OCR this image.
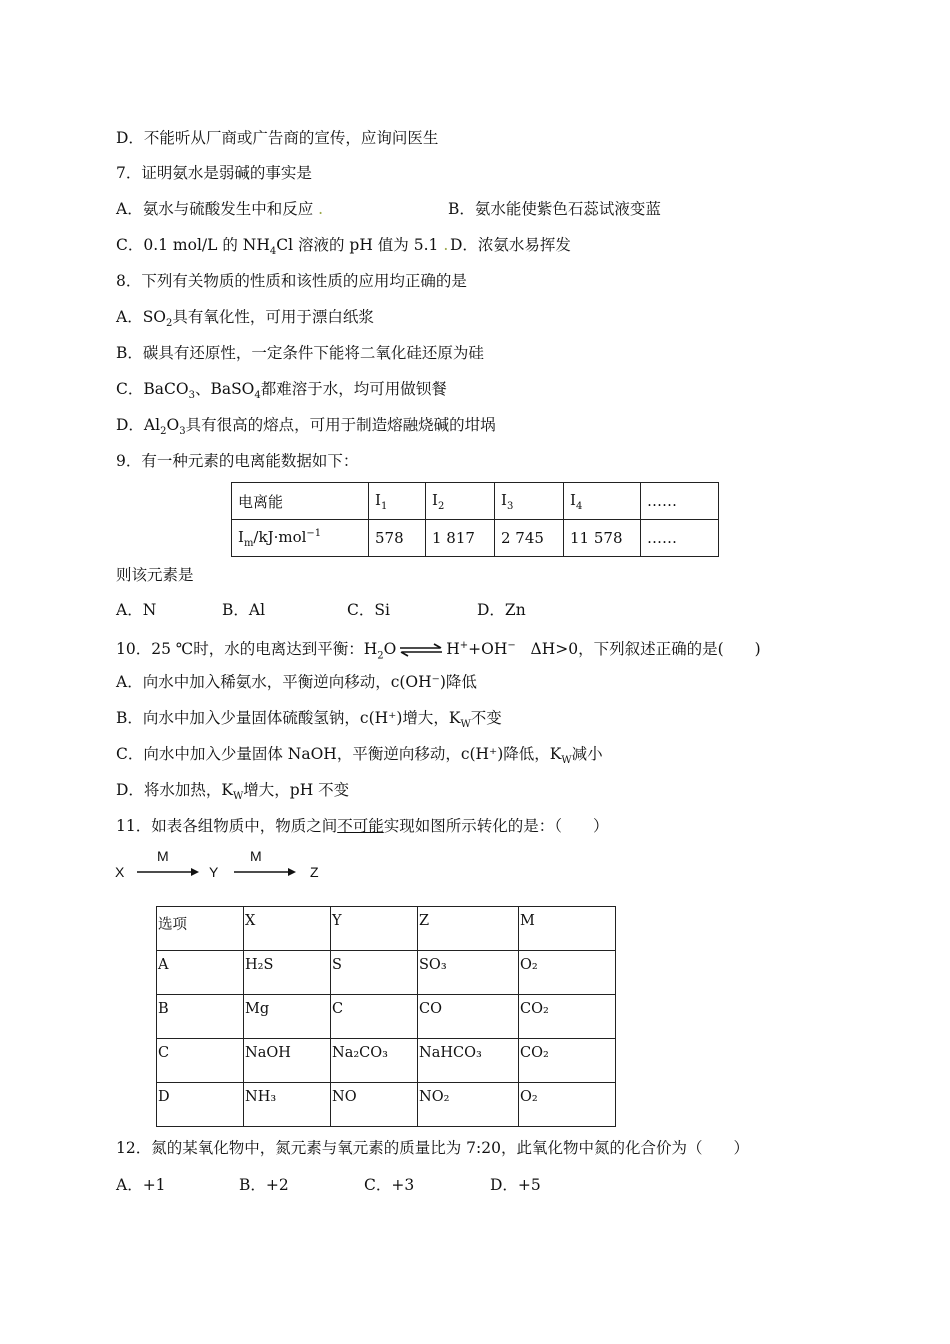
D．不能听从厂商或广告商的宣传，应询问医生
7．证明氨水是弱碱的事实是
A．氨水与硫酸发生中和反应 .	B．氨水能使紫色石蕊试液变蓝
C．0.1 mol/L 的 $NH_4Cl$ 溶液的 pH 值为 5.1 . D．浓氨水易挥发
8．下列有关物质的性质和该性质的应用均正确的是
A．$SO_2$具有氧化性，可用于漂白纸浆
B．碳具有还原性，一定条件下能将二氧化硅还原为硅
C．BaCO$_3$、BaSO$_4$都难溶于水，均可用做钡餐
D．$Al_2O_3$具有很高的熔点，可用于制造熔融烧碱的坩埚
9．有一种元素的电离能数据如下：
电离能	$I_1$	$I_2$	$I_3$	$I_4$	……
$I_m/kJ\cdot mol^{-1}$	578	1 817	2 745	11 578	……
则该元素是
A．N	B．Al	C．Si	D．Zn
10．25 ℃时，水的电离达到平衡：$H_2O$ ⇌ H++OH− ΔH>0，下列叙述正确的是(　　)
A．向水中加入稀氨水，平衡逆向移动，c(OH⁻)降低
B．向水中加入少量固体硫酸氢钠，c(H⁺)增大，$K_W$不变
C．向水中加入少量固体 NaOH，平衡逆向移动，c(H⁺)降低，$K_W$减小
D．将水加热，$K_W$增大，pH 不变
11．如表各组物质中，物质之间不可能实现如图所示转化的是：（　　）
X
M
Y
M
Z
选项	X	Y	Z	M
A	H₂S	S	SO₃	O₂
B	Mg	C	CO	CO₂
C	NaOH	Na₂CO₃	NaHCO₃	CO₂
D	NH₃	NO	NO₂	O₂
12．氮的某氧化物中，氮元素与氧元素的质量比为 7:20，此氧化物中氮的化合价为（　　）
A．+1	B．+2	C．+3	D．+5
